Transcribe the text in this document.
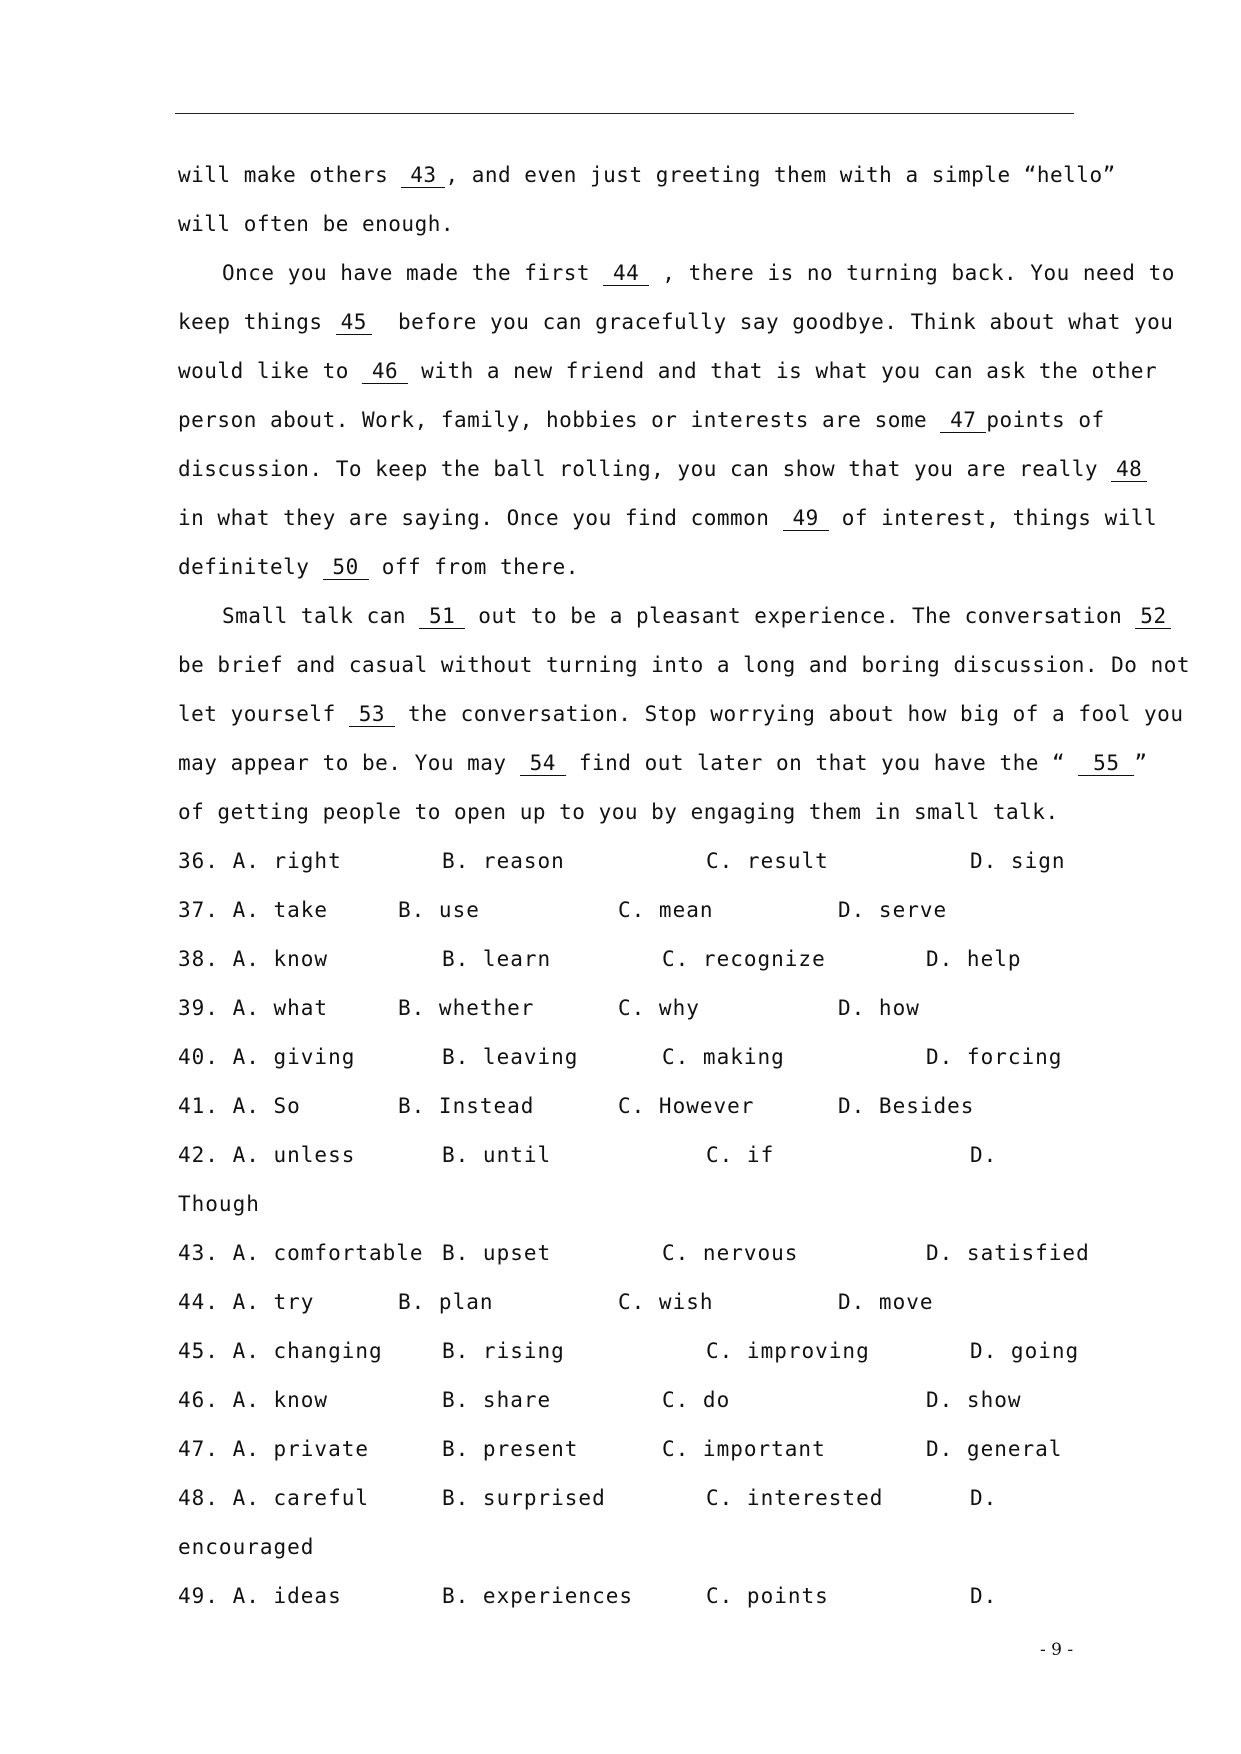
will make others 43 , and even just greeting them with a simple “hello”
will often be enough.
Once you have made the first 44 , there is no turning back. You need to
keep things 45  before you can gracefully say goodbye. Think about what you
would like to 46 with a new friend and that is what you can ask the other
person about. Work, family, hobbies or interests are some 47 points of
discussion. To keep the ball rolling, you can show that you are really 48
in what they are saying. Once you find common 49 of interest, things will
definitely 50 off from there.
Small talk can 51 out to be a pleasant experience. The conversation 52
be brief and casual without turning into a long and boring discussion. Do not
let yourself 53 the conversation. Stop worrying about how big of a fool you
may appear to be. You may 54 find out later on that you have the “ 55 ”
of getting people to open up to you by engaging them in small talk.
36. A. right	B. reason	C. result	D. sign
37. A. take	B. use	C. mean	D. serve
38. A. know	B. learn	C. recognize	D. help
39. A. what	B. whether	C. why	D. how
40. A. giving	B. leaving	C. making	D. forcing
41. A. So	B. Instead	C. However	D. Besides
42. A. unless	B. until	C. if	D.
Though
43. A. comfortable B. upset	C. nervous	D. satisfied
44. A. try	B. plan	C. wish	D. move
45. A. changing	B. rising	C. improving	D. going
46. A. know	B. share	C. do	D. show
47. A. private	B. present	C. important	D. general
48. A. careful	B. surprised	C. interested	D.
encouraged
49. A. ideas	B. experiences	C. points	D.
- 9 -
